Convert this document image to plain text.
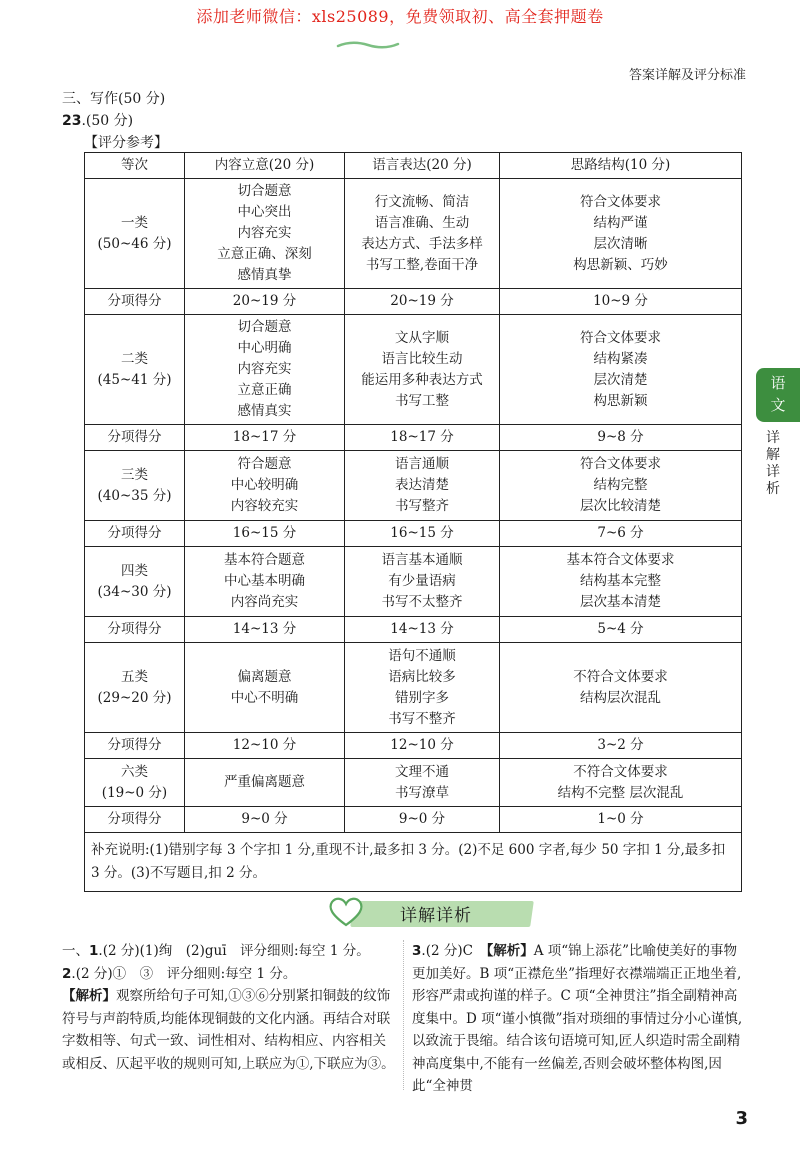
添加老师微信：xls25089，免费领取初、高全套押题卷
答案详解及评分标准
三、写作(50 分)
23.(50 分)
【评分参考】
等次	内容立意(20 分)	语言表达(20 分)	思路结构(10 分)

一类
(50~46 分)	切合题意
中心突出
内容充实
立意正确、深刻
感情真挚	行文流畅、简洁
语言准确、生动
表达方式、手法多样
书写工整,卷面干净	符合文体要求
结构严谨
层次清晰
构思新颖、巧妙

分项得分	20~19 分	20~19 分	10~9 分

二类
(45~41 分)	切合题意
中心明确
内容充实
立意正确
感情真实	文从字顺
语言比较生动
能运用多种表达方式
书写工整	符合文体要求
结构紧凑
层次清楚
构思新颖

分项得分	18~17 分	18~17 分	9~8 分

三类
(40~35 分)	符合题意
中心较明确
内容较充实	语言通顺
表达清楚
书写整齐	符合文体要求
结构完整
层次比较清楚

分项得分	16~15 分	16~15 分	7~6 分

四类
(34~30 分)	基本符合题意
中心基本明确
内容尚充实	语言基本通顺
有少量语病
书写不太整齐	基本符合文体要求
结构基本完整
层次基本清楚

分项得分	14~13 分	14~13 分	5~4 分

五类
(29~20 分)	偏离题意
中心不明确	语句不通顺
语病比较多
错别字多
书写不整齐	不符合文体要求
结构层次混乱

分项得分	12~10 分	12~10 分	3~2 分

六类
(19~0 分)	严重偏离题意	文理不通
书写潦草	不符合文体要求
结构不完整 层次混乱

分项得分	9~0 分	9~0 分	1~0 分
补充说明:(1)错别字每 3 个字扣 1 分,重现不计,最多扣 3 分。(2)不足 600 字者,每少 50 字扣 1 分,最多扣 3 分。(3)不写题目,扣 2 分。			
语
文
详
解
详
析
详解详析
一、1.(2 分)(1)绚　(2)guī　评分细则:每空 1 分。
2.(2 分)①　③　评分细则:每空 1 分。
【解析】观察所给句子可知,①③⑥分别紧扣铜鼓的纹饰符号与声韵特质,均能体现铜鼓的文化内涵。再结合对联字数相等、句式一致、词性相对、结构相应、内容相关或相反、仄起平收的规则可知,上联应为①,下联应为③。
3.(2 分)C　【解析】A 项“锦上添花”比喻使美好的事物更加美好。B 项“正襟危坐”指理好衣襟端端正正地坐着,形容严肃或拘谨的样子。C 项“全神贯注”指全副精神高度集中。D 项“谨小慎微”指对琐细的事情过分小心谨慎,以致流于畏缩。结合该句语境可知,匠人织造时需全副精神高度集中,不能有一丝偏差,否则会破坏整体构图,因此“全神贯
3
